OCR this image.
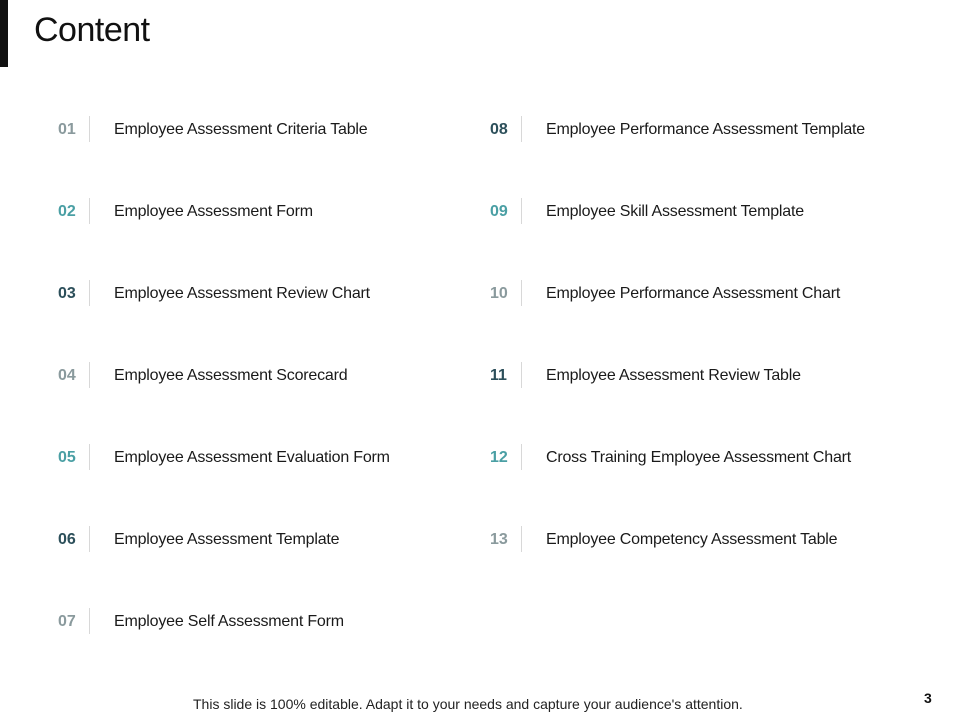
Content
01	Employee Assessment Criteria Table
02	Employee Assessment Form
03	Employee Assessment Review Chart
04	Employee Assessment Scorecard
05	Employee Assessment Evaluation Form
06	Employee Assessment Template
07	Employee Self Assessment Form
08	Employee Performance Assessment Template
09	Employee Skill Assessment Template
10	Employee Performance Assessment Chart
11	Employee Assessment Review Table
12	Cross Training Employee Assessment Chart
13	Employee Competency Assessment Table
This slide is 100% editable. Adapt it to your needs and capture your audience's attention.	3
